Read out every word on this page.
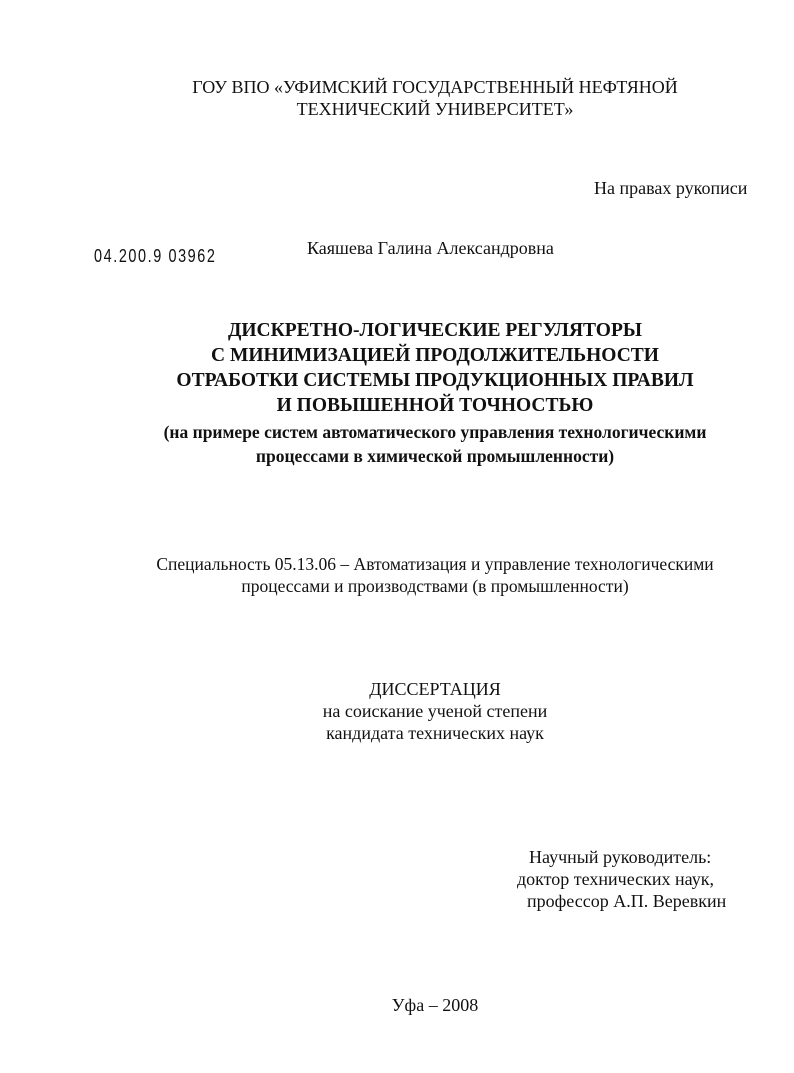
ГОУ ВПО «УФИМСКИЙ ГОСУДАРСТВЕННЫЙ НЕФТЯНОЙ
ТЕХНИЧЕСКИЙ УНИВЕРСИТЕТ»
На правах рукописи
04.200.9 03962	Каяшева Галина Александровна
ДИСКРЕТНО-ЛОГИЧЕСКИЕ РЕГУЛЯТОРЫ
С МИНИМИЗАЦИЕЙ ПРОДОЛЖИТЕЛЬНОСТИ
ОТРАБОТКИ СИСТЕМЫ ПРОДУКЦИОННЫХ ПРАВИЛ
И ПОВЫШЕННОЙ ТОЧНОСТЬЮ
(на примере систем автоматического управления технологическими
процессами в химической промышленности)
Специальность 05.13.06 – Автоматизация и управление технологическими
процессами и производствами (в промышленности)
ДИССЕРТАЦИЯ
на соискание ученой степени
кандидата технических наук
Научный руководитель:
доктор технических наук,
профессор А.П. Веревкин
Уфа – 2008
